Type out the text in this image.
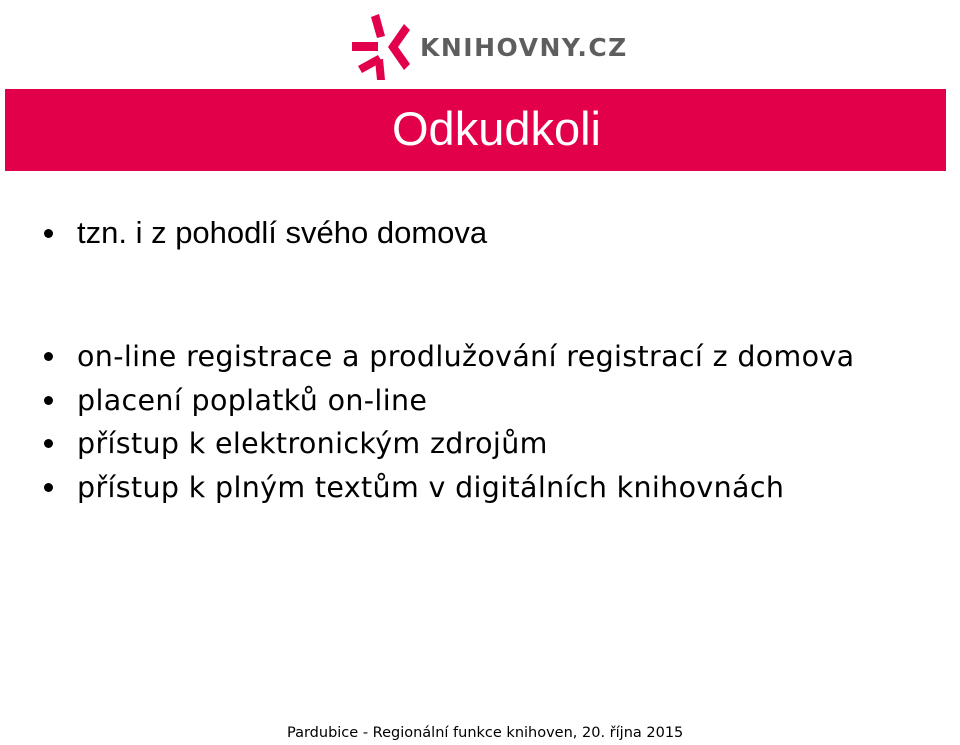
KNIHOVNY.CZ
Odkudkoli
tzn. i z pohodlí svého domova
on-line registrace a prodlužování registrací z domova
placení poplatků on-line
přístup k elektronickým zdrojům
přístup k plným textům v digitálních knihovnách
Pardubice - Regionální funkce knihoven, 20. října 2015
